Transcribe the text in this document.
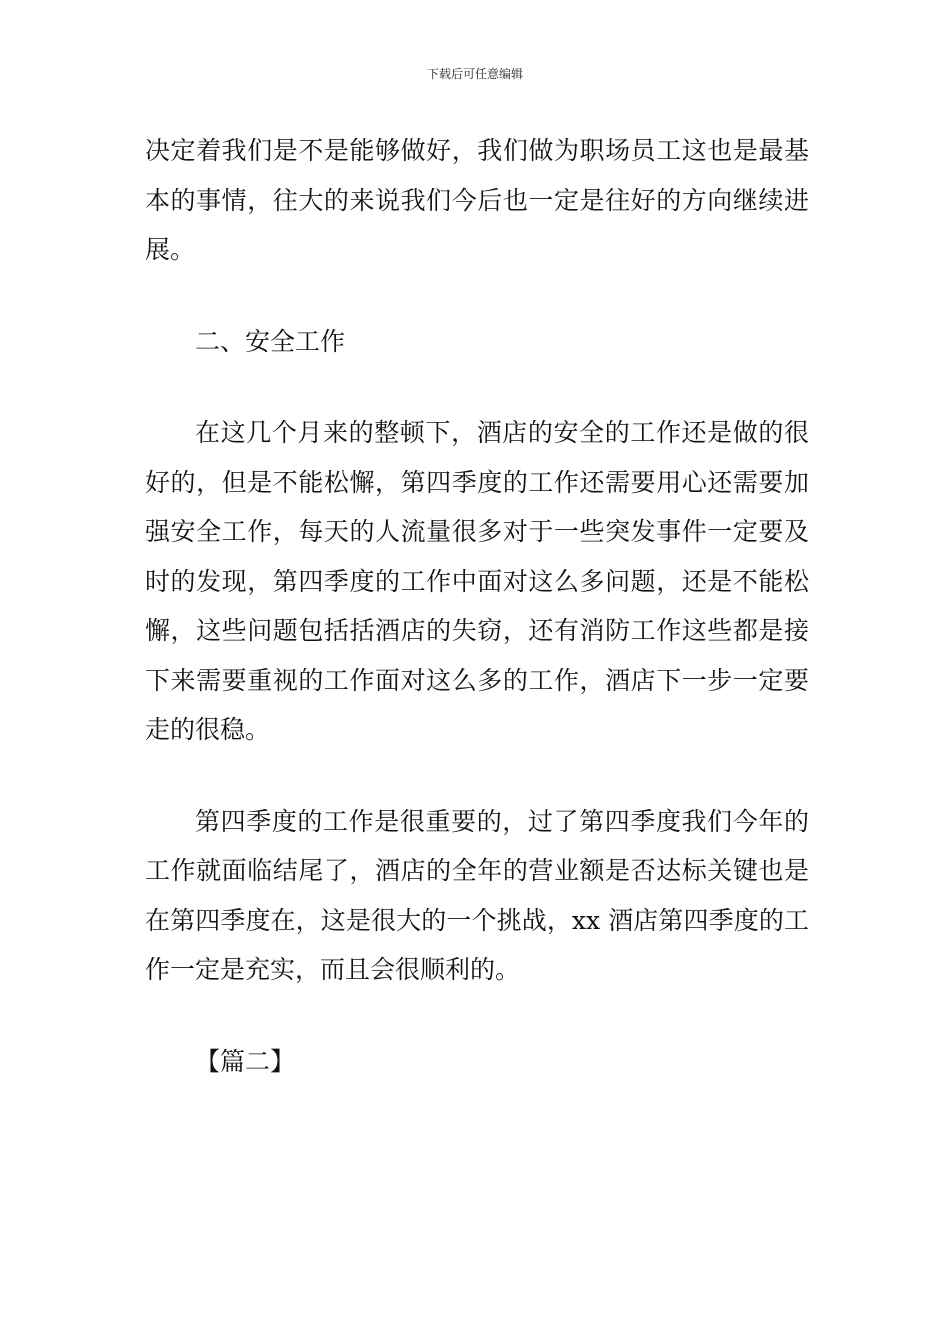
下载后可任意编辑

决定着我们是不是能够做好，我们做为职场员工这也是最基本的事情，往大的来说我们今后也一定是往好的方向继续进展。

二、安全工作

在这几个月来的整顿下，酒店的安全的工作还是做的很好的，但是不能松懈，第四季度的工作还需要用心还需要加强安全工作，每天的人流量很多对于一些突发事件一定要及时的发现，第四季度的工作中面对这么多问题，还是不能松懈，这些问题包括括酒店的失窃，还有消防工作这些都是接下来需要重视的工作面对这么多的工作，酒店下一步一定要走的很稳。

第四季度的工作是很重要的，过了第四季度我们今年的工作就面临结尾了，酒店的全年的营业额是否达标关键也是在第四季度在，这是很大的一个挑战，xx 酒店第四季度的工作一定是充实，而且会很顺利的。

【篇二】
